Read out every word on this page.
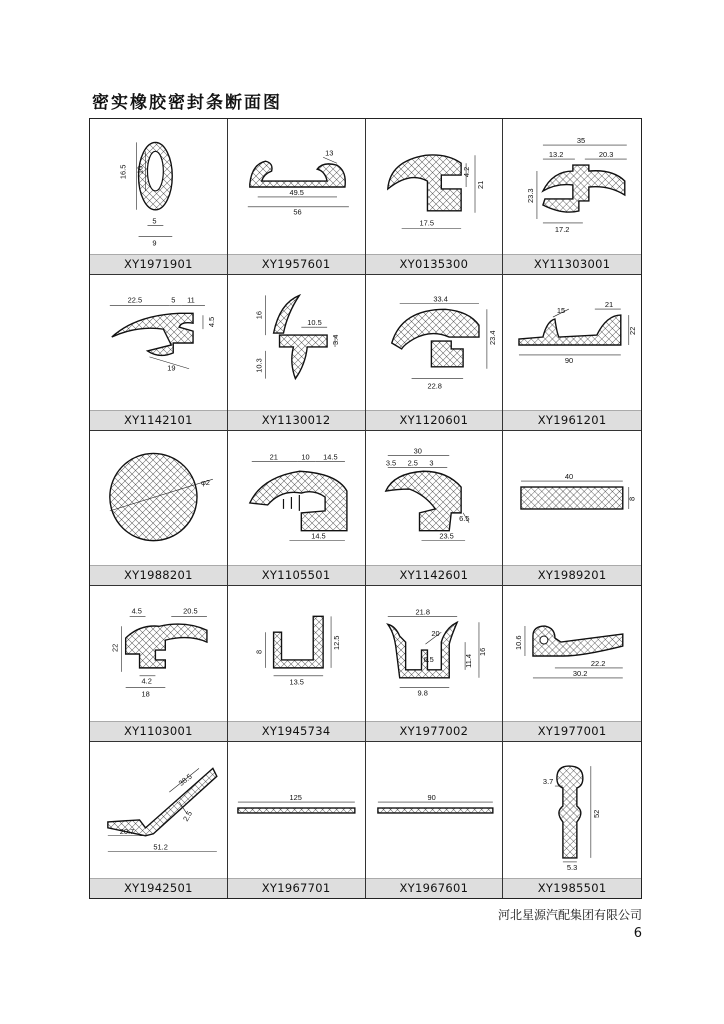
密实橡胶密封条断面图
16.5 10
5
9
XY1971901
13
49.5
56
XY1957601
4.2
21
17.5
XY0135300
35
13.2	20.3
23.3
17.2
XY11303001
22.5	5 11
4.5
19
XY1142101
16
10.5
3.4
10.3
XY1130012
33.4
23.4
22.8
XY1120601
15
21
22
90
XY1961201
φ2
XY1988201
21	10 14.5
14.5
XY1105501
30
3.5 2.5 3
6.5
23.5
XY1142601
40
8
XY1989201
4.5	20.5
22
4.2
18
XY1103001
8
12.5
13.5
XY1945734
21.8
20
6.5	11.4
16
9.8
XY1977002
10.6
22.2
30.2
XY1977001
38.5
2.5
20.7
51.2
XY1942501
125
XY1967701
90
XY1967601
3.7
52
5.3
XY1985501
河北星源汽配集团有限公司
6
